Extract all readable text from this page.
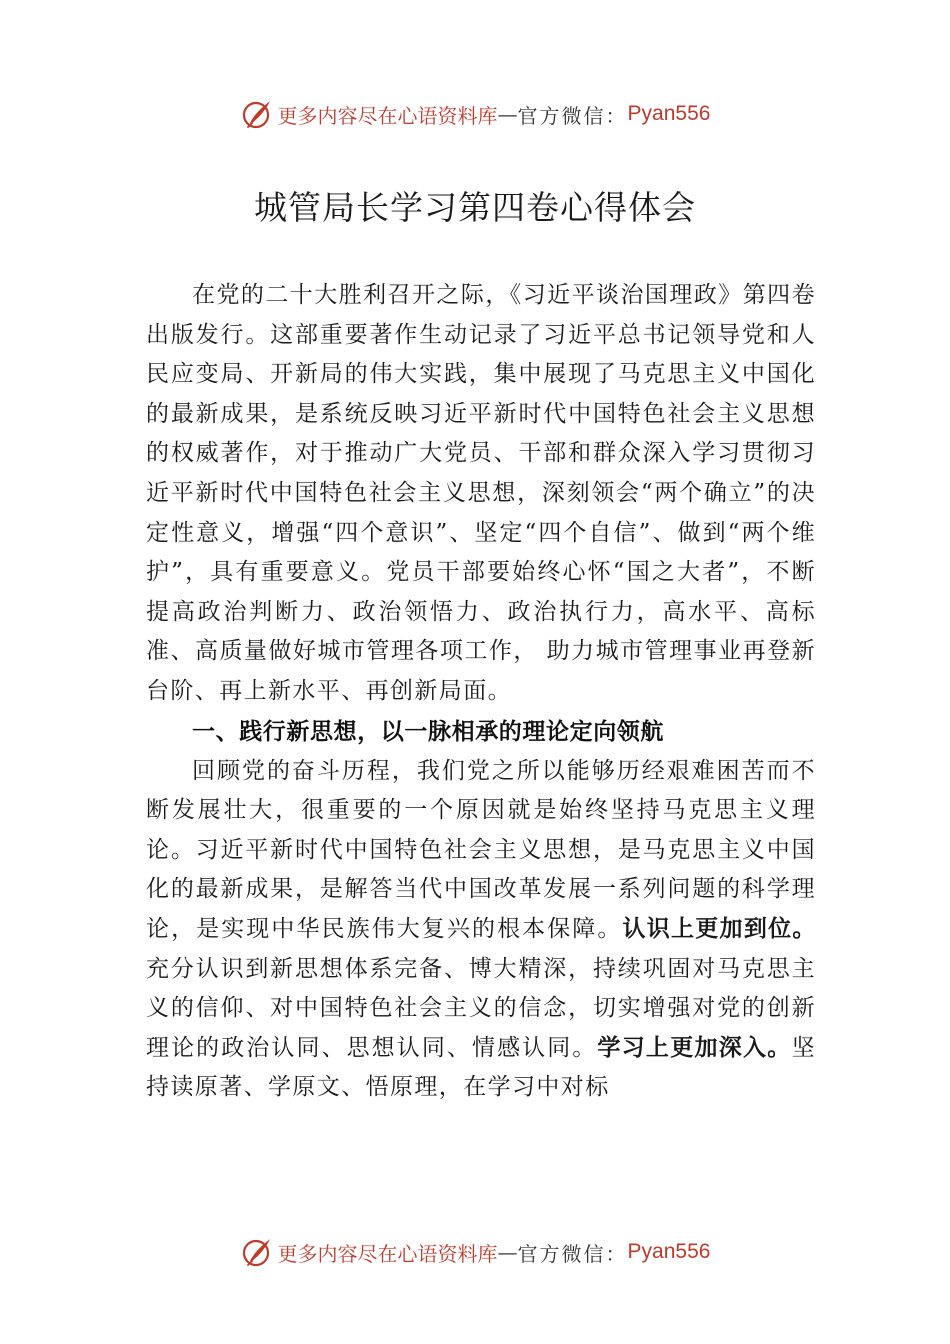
更多内容尽在心语资料库 — 官方微信： Pyan556
城管局长学习第四卷心得体会

在党的二十大胜利召开之际，《习近平谈治国理政》第四卷出版发行。这部重要著作生动记录了习近平总书记领导党和人民应变局、开新局的伟大实践，集中展现了马克思主义中国化的最新成果，是系统反映习近平新时代中国特色社会主义思想的权威著作，对于推动广大党员、干部和群众深入学习贯彻习近平新时代中国特色社会主义思想，深刻领会“两个确立”的决定性意义，增强“四个意识”、坚定“四个自信”、做到“两个维护”，具有重要意义。党员干部要始终心怀“国之大者”，不断提高政治判断力、政治领悟力、政治执行力，高水平、高标准、高质量做好城市管理各项工作， 助力城市管理事业再登新台阶、再上新水平、再创新局面。

一、践行新思想，以一脉相承的理论定向领航

回顾党的奋斗历程，我们党之所以能够历经艰难困苦而不断发展壮大，很重要的一个原因就是始终坚持马克思主义理论。习近平新时代中国特色社会主义思想，是马克思主义中国化的最新成果，是解答当代中国改革发展一系列问题的科学理论，是实现中华民族伟大复兴的根本保障。认识上更加到位。充分认识到新思想体系完备、博大精深，持续巩固对马克思主义的信仰、对中国特色社会主义的信念，切实增强对党的创新理论的政治认同、思想认同、情感认同。学习上更加深入。坚持读原著、学原文、悟原理，在学习中对标

更多内容尽在心语资料库 — 官方微信： Pyan556
